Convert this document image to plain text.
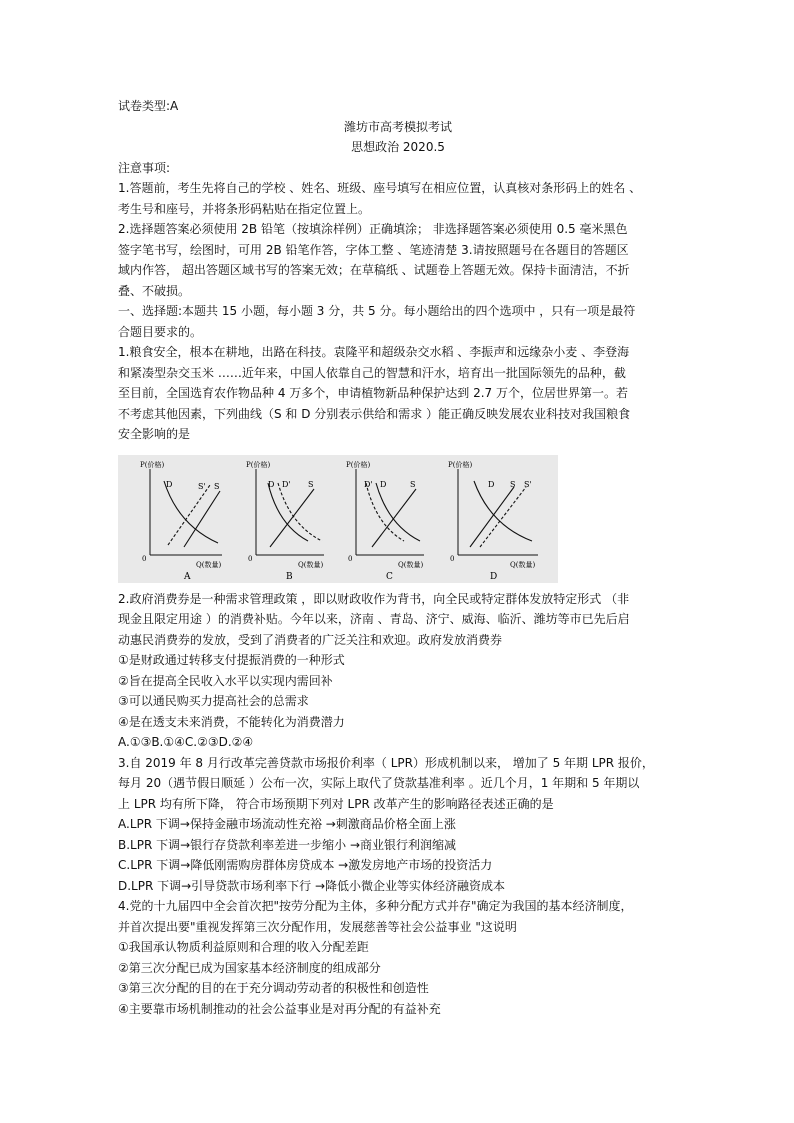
试卷类型:A
潍坊市高考模拟考试
思想政治 2020.5
注意事项:
1.答题前，考生先将自己的学校 、姓名、班级、座号填写在相应位置，认真核对条形码上的姓名 、
考生号和座号，并将条形码粘贴在指定位置上。
2.选择题答案必须使用 2B 铅笔（按填涂样例）正确填涂； 非选择题答案必须使用 0.5 毫米黑色
签字笔书写，绘图时，可用 2B 铅笔作答，字体工整 、笔迹清楚 3.请按照题号在各题目的答题区
域内作答， 超出答题区域书写的答案无效；在草稿纸 、试题卷上答题无效。保持卡面清洁，不折
叠、不破损。
一、选择题:本题共 15 小题，每小题 3 分，共 5 分。每小题给出的四个选项中 ，只有一项是最符
合题目要求的。
1.粮食安全，根本在耕地，出路在科技。袁隆平和超级杂交水稻 、李振声和远缘杂小麦 、李登海
和紧凑型杂交玉米 ……近年来，中国人依靠自己的智慧和汗水，培育出一批国际领先的品种，截
至目前，全国选育农作物品种 4 万多个，申请植物新品种保护达到 2.7 万个，位居世界第一。若
不考虑其他因素，下列曲线（S 和 D 分别表示供给和需求 ）能正确反映发展农业科技对我国粮食
安全影响的是
P(价格)
Q(数量)
0
D	S' S
A
P(价格)
Q(数量)
0
D D' S
B
P(价格)
Q(数量)
0
D' D	S
C
P(价格)
Q(数量)
0
D S S'
D
2.政府消费券是一种需求管理政策 ，即以财政收作为背书，向全民或特定群体发放特定形式 （非
现金且限定用途 ）的消费补贴。今年以来，济南 、青岛、济宁、威海、临沂、潍坊等市已先后启
动惠民消费券的发放，受到了消费者的广泛关注和欢迎。政府发放消费券
①是财政通过转移支付提振消费的一种形式
②旨在提高全民收入水平以实现内需回补
③可以通民购买力提高社会的总需求
④是在透支未来消费，不能转化为消费潜力
A.①③B.①④C.②③D.②④
3.自 2019 年 8 月行改革完善贷款市场报价利率（ LPR）形成机制以来， 增加了 5 年期 LPR 报价，
每月 20（遇节假日顺延 ）公布一次，实际上取代了贷款基准利率 。近几个月，1 年期和 5 年期以
上 LPR 均有所下降， 符合市场预期下列对 LPR 改革产生的影响路径表述正确的是
A.LPR 下调→保持金融市场流动性充裕 →刺激商品价格全面上涨
B.LPR 下调→银行存贷款利率差进一步缩小 →商业银行利润缩减
C.LPR 下调→降低刚需购房群体房贷成本 →激发房地产市场的投资活力
D.LPR 下调→引导贷款市场利率下行 →降低小微企业等实体经济融资成本
4.党的十九届四中全会首次把"按劳分配为主体，多种分配方式并存"确定为我国的基本经济制度，
并首次提出要"重视发挥第三次分配作用，发展慈善等社会公益事业 "这说明
①我国承认物质利益原则和合理的收入分配差距
②第三次分配已成为国家基本经济制度的组成部分
③第三次分配的目的在于充分调动劳动者的积极性和创造性
④主要靠市场机制推动的社会公益事业是对再分配的有益补充
